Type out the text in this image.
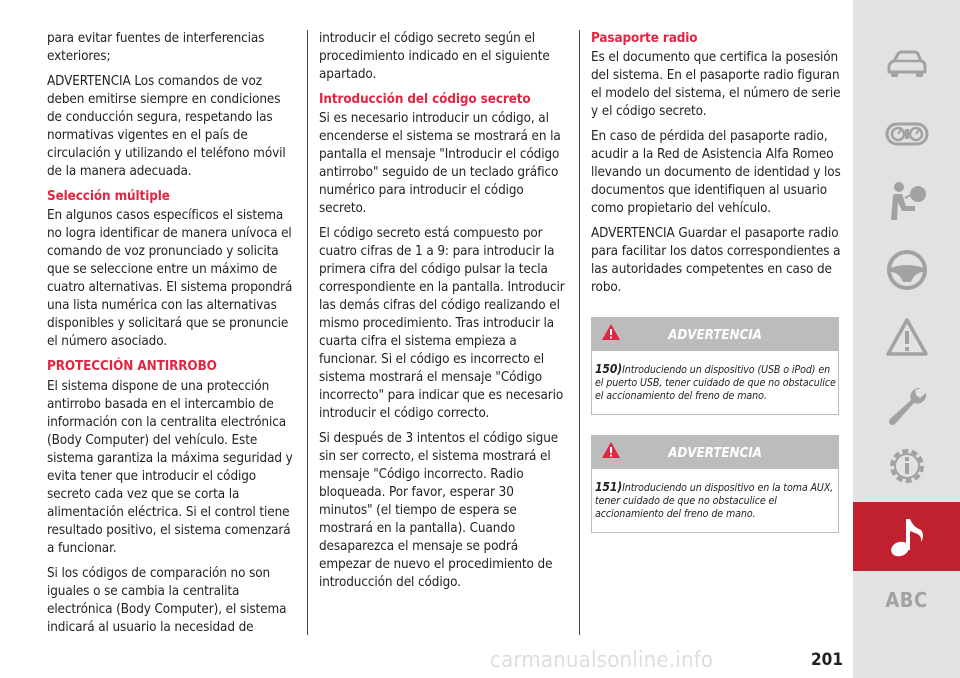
para evitar fuentes de interferencias exteriores;

ADVERTENCIA Los comandos de voz deben emitirse siempre en condiciones de conducción segura, respetando las normativas vigentes en el país de circulación y utilizando el teléfono móvil de la manera adecuada.

Selección múltiple

En algunos casos específicos el sistema no logra identificar de manera unívoca el comando de voz pronunciado y solicita que se seleccione entre un máximo de cuatro alternativas. El sistema propondrá una lista numérica con las alternativas disponibles y solicitará que se pronuncie el número asociado.

PROTECCIÓN ANTIRROBO

El sistema dispone de una protección antirrobo basada en el intercambio de información con la centralita electrónica (Body Computer) del vehículo. Este sistema garantiza la máxima seguridad y evita tener que introducir el código secreto cada vez que se corta la alimentación eléctrica. Si el control tiene resultado positivo, el sistema comenzará a funcionar.

Si los códigos de comparación no son iguales o se cambia la centralita electrónica (Body Computer), el sistema indicará al usuario la necesidad de

introducir el código secreto según el procedimiento indicado en el siguiente apartado.

Introducción del código secreto

Si es necesario introducir un código, al encenderse el sistema se mostrará en la pantalla el mensaje "Introducir el código antirrobo" seguido de un teclado gráfico numérico para introducir el código secreto.

El código secreto está compuesto por cuatro cifras de 1 a 9: para introducir la primera cifra del código pulsar la tecla correspondiente en la pantalla. Introducir las demás cifras del código realizando el mismo procedimiento. Tras introducir la cuarta cifra el sistema empieza a funcionar. Si el código es incorrecto el sistema mostrará el mensaje "Código incorrecto" para indicar que es necesario introducir el código correcto.

Si después de 3 intentos el código sigue sin ser correcto, el sistema mostrará el mensaje "Código incorrecto. Radio bloqueada. Por favor, esperar 30 minutos" (el tiempo de espera se mostrará en la pantalla). Cuando desaparezca el mensaje se podrá empezar de nuevo el procedimiento de introducción del código.

Pasaporte radio

Es el documento que certifica la posesión del sistema. En el pasaporte radio figuran el modelo del sistema, el número de serie y el código secreto.

En caso de pérdida del pasaporte radio, acudir a la Red de Asistencia Alfa Romeo llevando un documento de identidad y los documentos que identifiquen al usuario como propietario del vehículo.

ADVERTENCIA Guardar el pasaporte radio para facilitar los datos correspondientes a las autoridades competentes en caso de robo.

ADVERTENCIA
150)Introduciendo un dispositivo (USB o iPod) en el puerto USB, tener cuidado de que no obstaculice el accionamiento del freno de mano.
ADVERTENCIA
151)Introduciendo un dispositivo en la toma AUX, tener cuidado de que no obstaculice el accionamiento del freno de mano.
ABC
201
carmanualsonline.info
